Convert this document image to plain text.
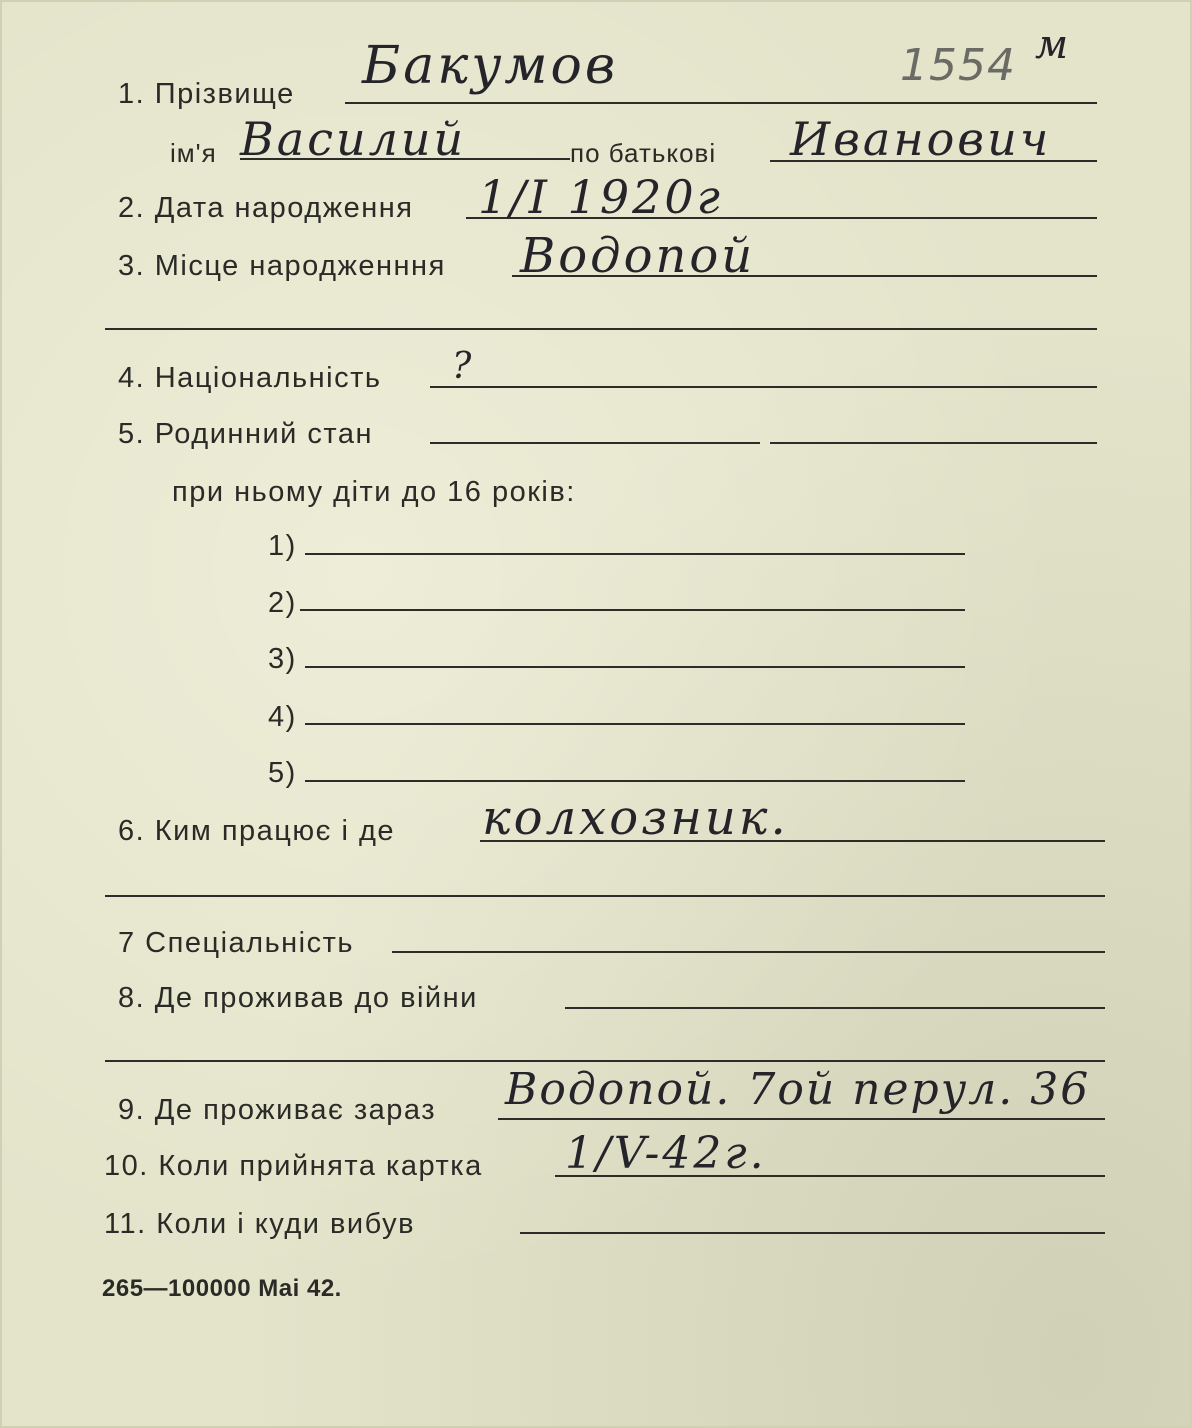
1. Прізвище Бакумов	1554 м
ім'я Василий	по батькові Иванович
2. Дата народження 1/I 1920г
3. Місце народженння Водопой
4. Національність ?
5. Родинний стан
при ньому діти до 16 років:
1)
2)
3)
4)
5)
6. Ким працює і де колхозник.
7 Спеціальність
8. Де проживав до війни
9. Де проживає зараз Водопой. 7ой перул. 36
10. Коли прийнята картка 1/V-42г.
11. Коли і куди вибув
265—100000 Mai 42.
